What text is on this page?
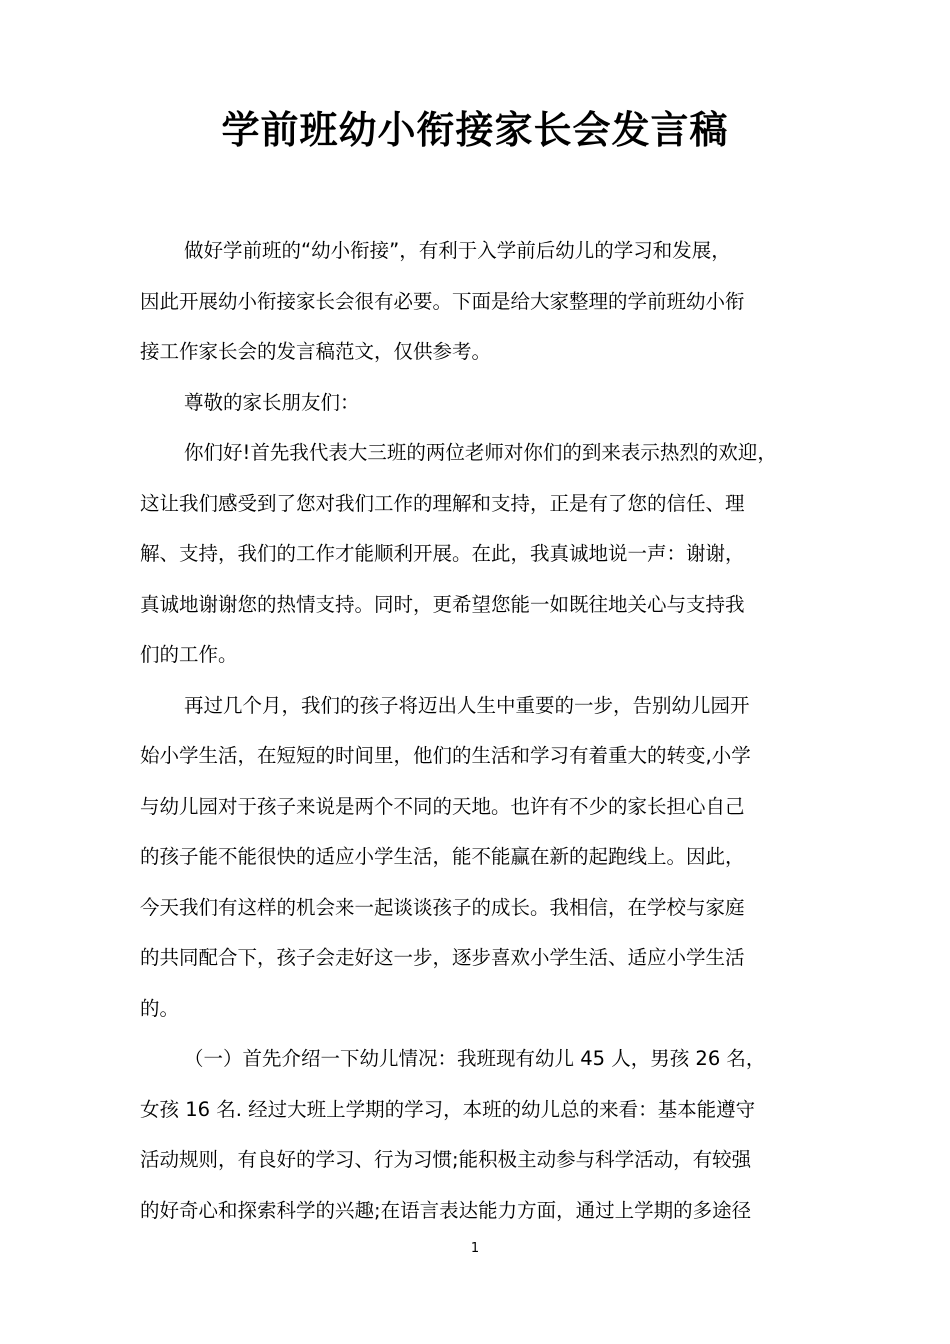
学前班幼小衔接家长会发言稿

做好学前班的“幼小衔接”，有利于入学前后幼儿的学习和发展，
因此开展幼小衔接家长会很有必要。下面是给大家整理的学前班幼小衔
接工作家长会的发言稿范文，仅供参考。

尊敬的家长朋友们：

你们好!首先我代表大三班的两位老师对你们的到来表示热烈的欢迎，
这让我们感受到了您对我们工作的理解和支持，正是有了您的信任、理
解、支持，我们的工作才能顺利开展。在此，我真诚地说一声：谢谢，
真诚地谢谢您的热情支持。同时，更希望您能一如既往地关心与支持我
们的工作。

再过几个月，我们的孩子将迈出人生中重要的一步，告别幼儿园开
始小学生活，在短短的时间里，他们的生活和学习有着重大的转变,小学
与幼儿园对于孩子来说是两个不同的天地。也许有不少的家长担心自己
的孩子能不能很快的适应小学生活，能不能赢在新的起跑线上。因此，
今天我们有这样的机会来一起谈谈孩子的成长。我相信，在学校与家庭
的共同配合下，孩子会走好这一步，逐步喜欢小学生活、适应小学生活
的。

（一）首先介绍一下幼儿情况：我班现有幼儿 45 人，男孩 26 名，
女孩 16 名. 经过大班上学期的学习，本班的幼儿总的来看：基本能遵守
活动规则，有良好的学习、行为习惯;能积极主动参与科学活动，有较强
的好奇心和探索科学的兴趣;在语言表达能力方面，通过上学期的多途径

1
